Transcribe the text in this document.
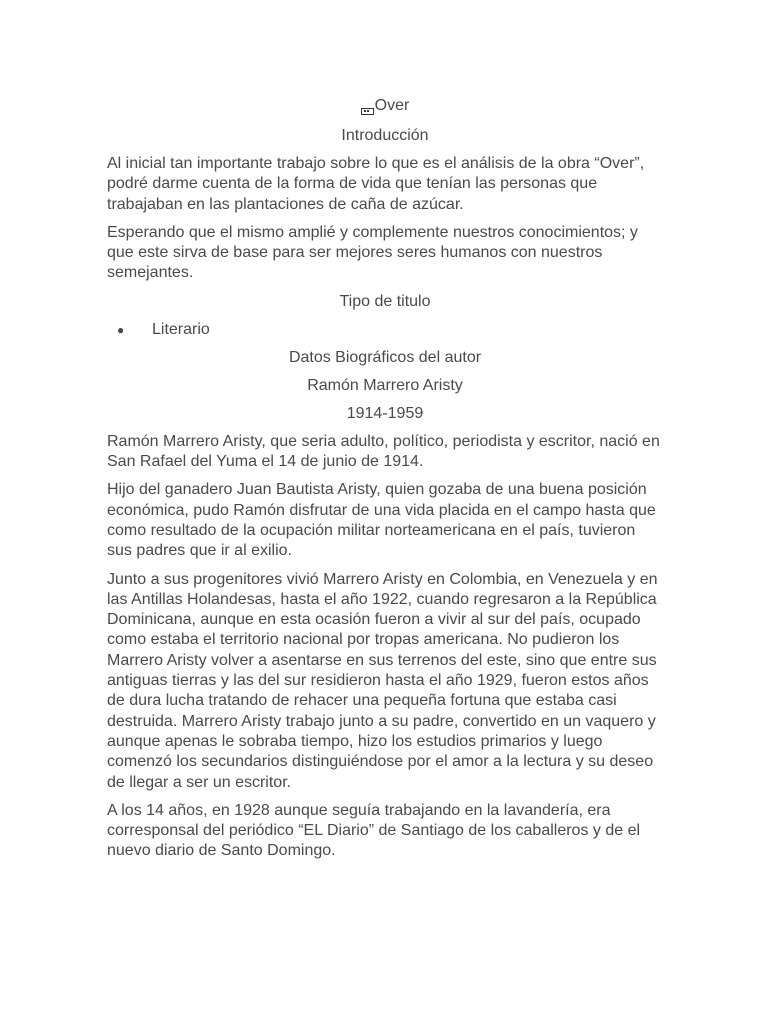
Over

Introducción

Al inicial tan importante trabajo sobre lo que es el análisis de la obra “Over”, podré darme cuenta de la forma de vida que tenían las personas que trabajaban en las plantaciones de caña de azúcar.

Esperando que el mismo amplié y complemente nuestros conocimientos; y que este sirva de base para ser mejores seres humanos con nuestros semejantes.

Tipo de titulo

●	Literario

Datos Biográficos del autor

Ramón Marrero Aristy

1914-1959

Ramón Marrero Aristy, que seria adulto, político, periodista y escritor, nació en San Rafael del Yuma el 14 de junio de 1914.

Hijo del ganadero Juan Bautista Aristy, quien gozaba de una buena posición económica, pudo Ramón disfrutar de una vida placida en el campo hasta que como resultado de la ocupación militar norteamericana en el país, tuvieron sus padres que ir al exilio.

Junto a sus progenitores vivió Marrero Aristy en Colombia, en Venezuela y en las Antillas Holandesas, hasta el año 1922, cuando regresaron a la República Dominicana, aunque en esta ocasión fueron a vivir al sur del país, ocupado como estaba el territorio nacional por tropas americana. No pudieron los Marrero Aristy volver a asentarse en sus terrenos del este, sino que entre sus antiguas tierras y las del sur residieron hasta el año 1929, fueron estos años de dura lucha tratando de rehacer una pequeña fortuna que estaba casi destruida. Marrero Aristy trabajo junto a su padre, convertido en un vaquero y aunque apenas le sobraba tiempo, hizo los estudios primarios y luego comenzó los secundarios distinguiéndose por el amor a la lectura y su deseo de llegar a ser un escritor.

A los 14 años, en 1928 aunque seguía trabajando en la lavandería, era corresponsal del periódico “EL Diario” de Santiago de los caballeros y de el nuevo diario de Santo Domingo.
